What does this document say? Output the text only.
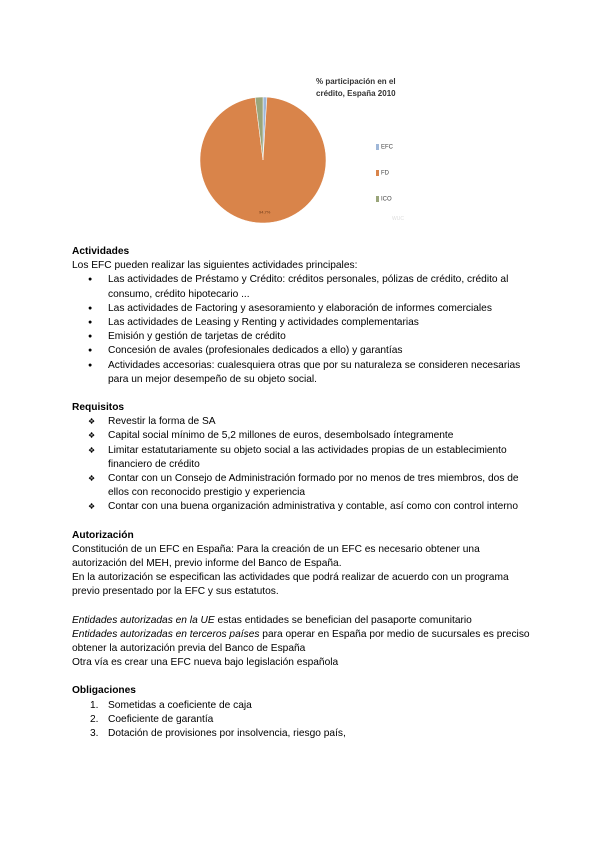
94,7%
% participación en el crédito, España 2010
EFC
FD
ICO
WUC

Actividades

Los EFC pueden realizar las siguientes actividades principales:

● Las actividades de Préstamo y Crédito: créditos personales, pólizas de crédito, crédito al consumo, crédito hipotecario ...
● Las actividades de Factoring y asesoramiento y elaboración de informes comerciales
● Las actividades de Leasing y Renting y actividades complementarias
● Emisión y gestión de tarjetas de crédito
● Concesión de avales (profesionales dedicados a ello) y garantías
● Actividades accesorias: cualesquiera otras que por su naturaleza se consideren necesarias para un mejor desempeño de su objeto social.

Requisitos

❖ Revestir la forma de SA
❖ Capital social mínimo de 5,2 millones de euros, desembolsado íntegramente
❖ Limitar estatutariamente su objeto social a las actividades propias de un establecimiento financiero de crédito
❖ Contar con un Consejo de Administración formado por no menos de tres miembros, dos de ellos con reconocido prestigio y experiencia
❖ Contar con una buena organización administrativa y contable, así como con control interno

Autorización

Constitución de un EFC en España: Para la creación de un EFC es necesario obtener una autorización del MEH, previo informe del Banco de España.

En la autorización se especifican las actividades que podrá realizar de acuerdo con un programa previo presentado por la EFC y sus estatutos.

Entidades autorizadas en la UE estas entidades se benefician del pasaporte comunitario

Entidades autorizadas en terceros países para operar en España por medio de sucursales es preciso obtener la autorización previa del Banco de España

Otra vía es crear una EFC nueva bajo legislación española

Obligaciones

1. Sometidas a coeficiente de caja
2. Coeficiente de garantía
3. Dotación de provisiones por insolvencia, riesgo país,
